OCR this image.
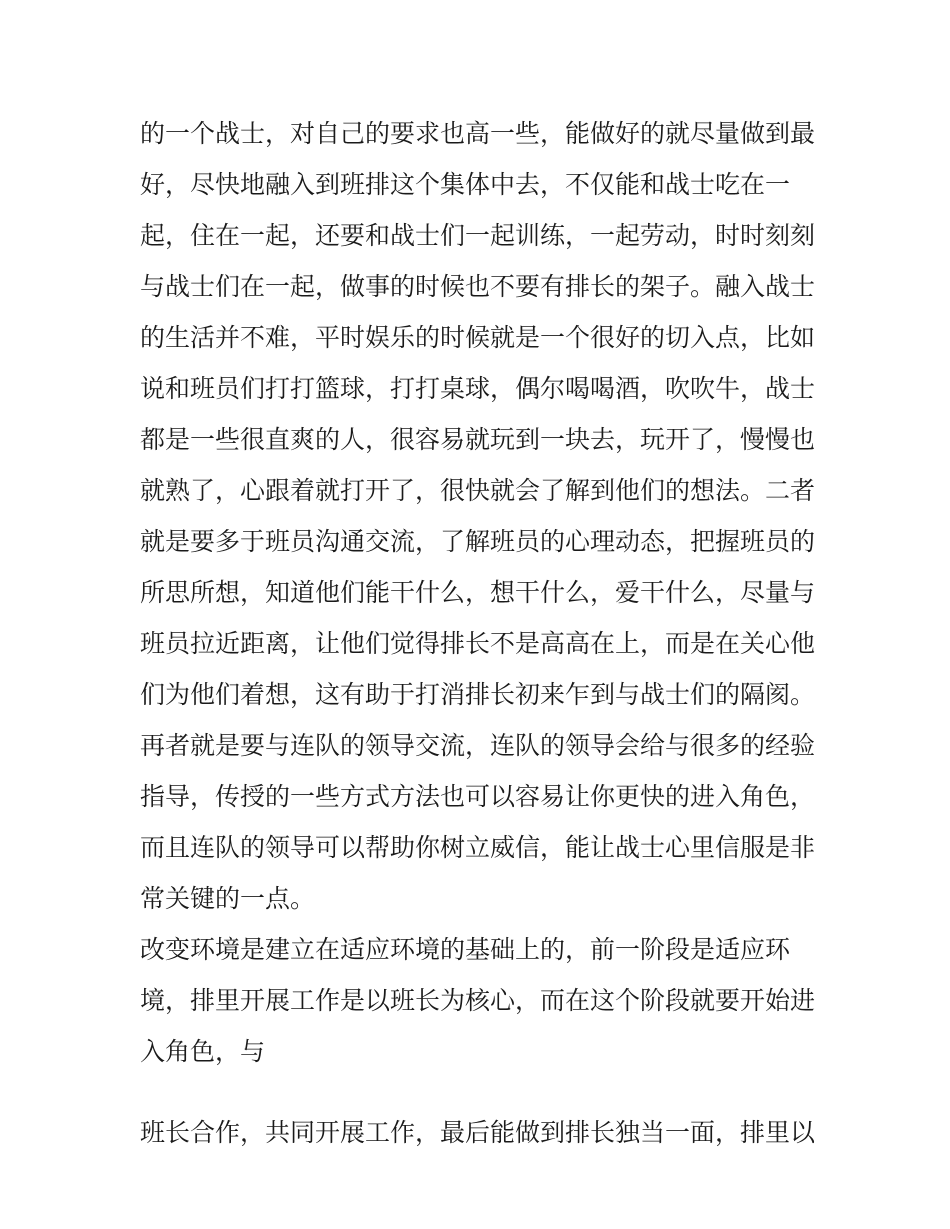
的一个战士，对自己的要求也高一些，能做好的就尽量做到最
好，尽快地融入到班排这个集体中去，不仅能和战士吃在一
起，住在一起，还要和战士们一起训练，一起劳动，时时刻刻
与战士们在一起，做事的时候也不要有排长的架子。融入战士
的生活并不难，平时娱乐的时候就是一个很好的切入点，比如
说和班员们打打篮球，打打桌球，偶尔喝喝酒，吹吹牛，战士
都是一些很直爽的人，很容易就玩到一块去，玩开了，慢慢也
就熟了，心跟着就打开了，很快就会了解到他们的想法。二者
就是要多于班员沟通交流，了解班员的心理动态，把握班员的
所思所想，知道他们能干什么，想干什么，爱干什么，尽量与
班员拉近距离，让他们觉得排长不是高高在上，而是在关心他
们为他们着想，这有助于打消排长初来乍到与战士们的隔阂。
再者就是要与连队的领导交流，连队的领导会给与很多的经验
指导，传授的一些方式方法也可以容易让你更快的进入角色，
而且连队的领导可以帮助你树立威信，能让战士心里信服是非
常关键的一点。
改变环境是建立在适应环境的基础上的，前一阶段是适应环
境，排里开展工作是以班长为核心，而在这个阶段就要开始进
入角色，与
班长合作，共同开展工作，最后能做到排长独当一面，排里以
